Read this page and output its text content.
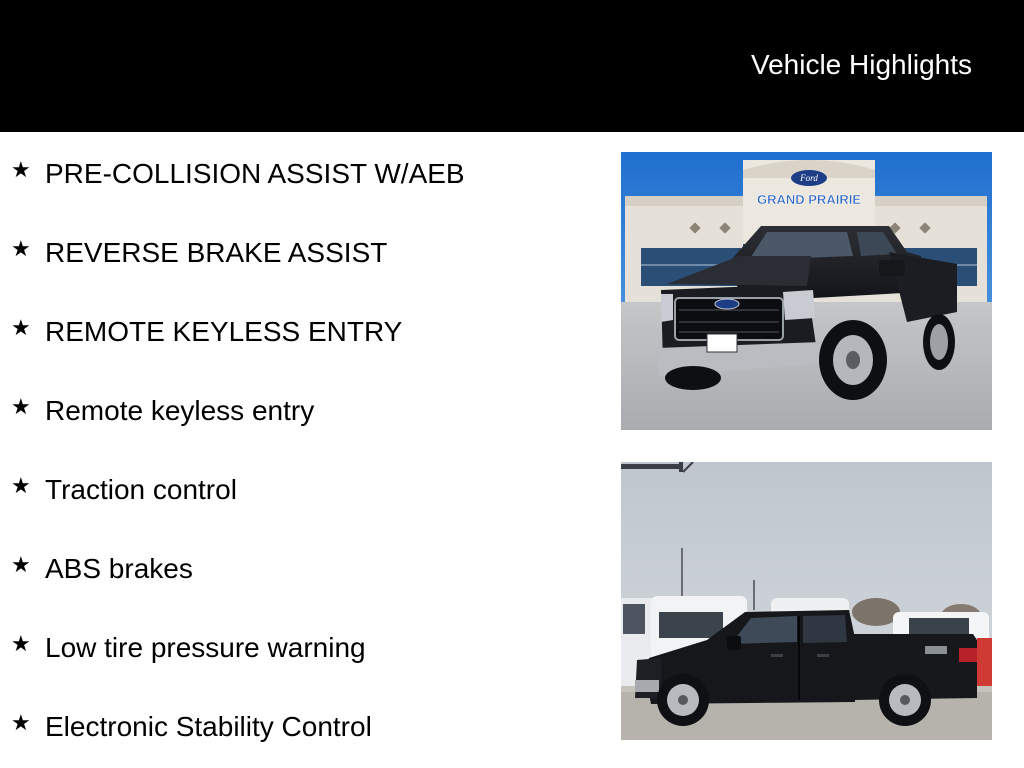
Vehicle Highlights
★ PRE-COLLISION ASSIST W/AEB
★ REVERSE BRAKE ASSIST
★ REMOTE KEYLESS ENTRY
★ Remote keyless entry
★ Traction control
★ ABS brakes
★ Low tire pressure warning
★ Electronic Stability Control
Ford
GRAND PRAIRIE
